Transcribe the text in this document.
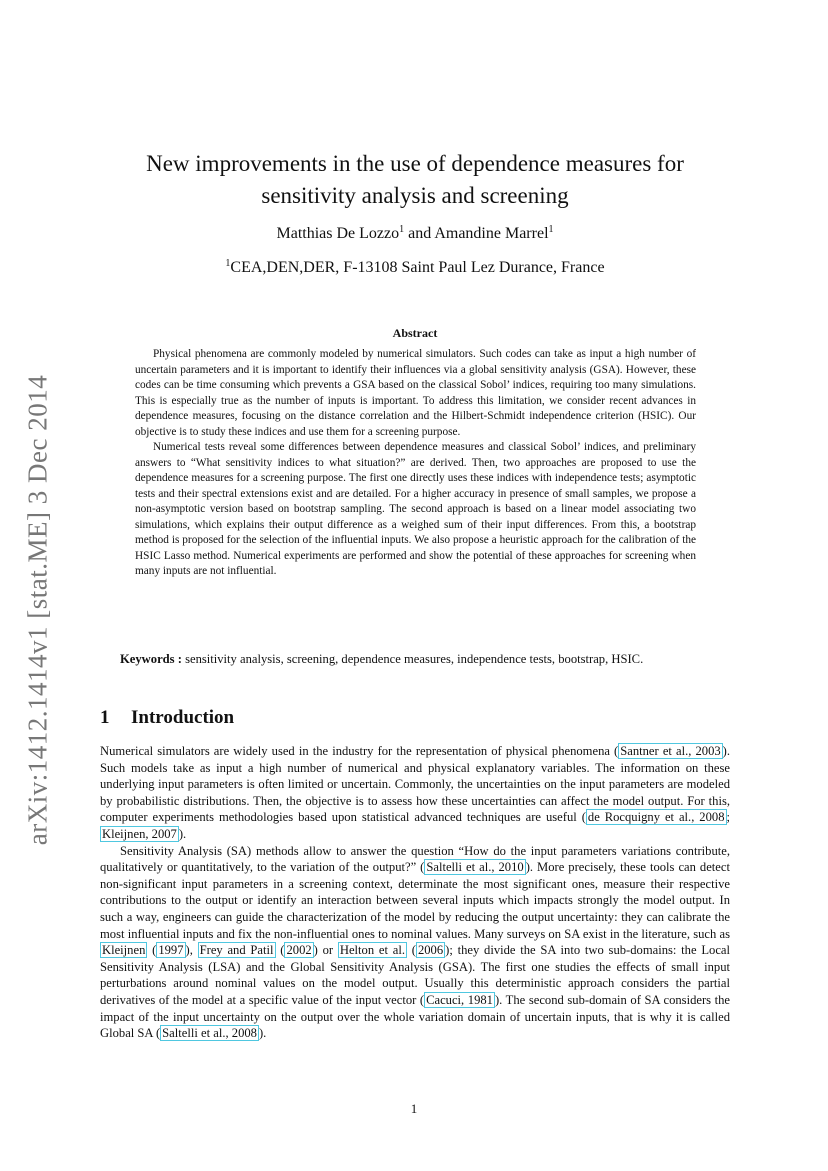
arXiv:1412.1414v1 [stat.ME] 3 Dec 2014
New improvements in the use of dependence measures for
sensitivity analysis and screening
Matthias De Lozzo$^1$ and Amandine Marrel$^1$
$^1$CEA,DEN,DER, F-13108 Saint Paul Lez Durance, France
Abstract

Physical phenomena are commonly modeled by numerical simulators. Such codes can take as input a high number of uncertain parameters and it is important to identify their influences via a global sensitivity analysis (GSA). However, these codes can be time consuming which prevents a GSA based on the classical Sobol’ indices, requiring too many simulations. This is especially true as the number of inputs is important. To address this limitation, we consider recent advances in dependence measures, focusing on the distance correlation and the Hilbert-Schmidt independence criterion (HSIC). Our objective is to study these indices and use them for a screening purpose.

Numerical tests reveal some differences between dependence measures and classical Sobol’ indices, and preliminary answers to “What sensitivity indices to what situation?” are derived. Then, two approaches are proposed to use the dependence measures for a screening purpose. The first one directly uses these indices with independence tests; asymptotic tests and their spectral extensions exist and are detailed. For a higher accuracy in presence of small samples, we propose a non-asymptotic version based on bootstrap sampling. The second approach is based on a linear model associating two simulations, which explains their output difference as a weighed sum of their input differences. From this, a bootstrap method is proposed for the selection of the influential inputs. We also propose a heuristic approach for the calibration of the HSIC Lasso method. Numerical experiments are performed and show the potential of these approaches for screening when many inputs are not influential.

Keywords : sensitivity analysis, screening, dependence measures, independence tests, bootstrap, HSIC.
1 Introduction

Numerical simulators are widely used in the industry for the representation of physical phenomena ( Santner et al., 2003 ). Such models take as input a high number of numerical and physical explanatory variables. The information on these underlying input parameters is often limited or uncertain. Commonly, the uncertainties on the input parameters are modeled by probabilistic distributions. Then, the objective is to assess how these uncertainties can affect the model output. For this, computer experiments methodologies based upon statistical advanced techniques are useful ( de Rocquigny et al., 2008 ; Kleijnen, 2007 ).

Sensitivity Analysis (SA) methods allow to answer the question “How do the input parameters variations contribute, qualitatively or quantitatively, to the variation of the output?” ( Saltelli et al., 2010 ). More precisely, these tools can detect non-significant input parameters in a screening context, determinate the most significant ones, measure their respective contributions to the output or identify an interaction between several inputs which impacts strongly the model output. In such a way, engineers can guide the characterization of the model by reducing the output uncertainty: they can calibrate the most influential inputs and fix the non-influential ones to nominal values. Many surveys on SA exist in the literature, such as Kleijnen ( 1997 ), Frey and Patil ( 2002 ) or Helton et al. ( 2006 ); they divide the SA into two sub-domains: the Local Sensitivity Analysis (LSA) and the Global Sensitivity Analysis (GSA). The first one studies the effects of small input perturbations around nominal values on the model output. Usually this deterministic approach considers the partial derivatives of the model at a specific value of the input vector ( Cacuci, 1981 ). The second sub-domain of SA considers the impact of the input uncertainty on the output over the whole variation domain of uncertain inputs, that is why it is called Global SA ( Saltelli et al., 2008 ).

1
